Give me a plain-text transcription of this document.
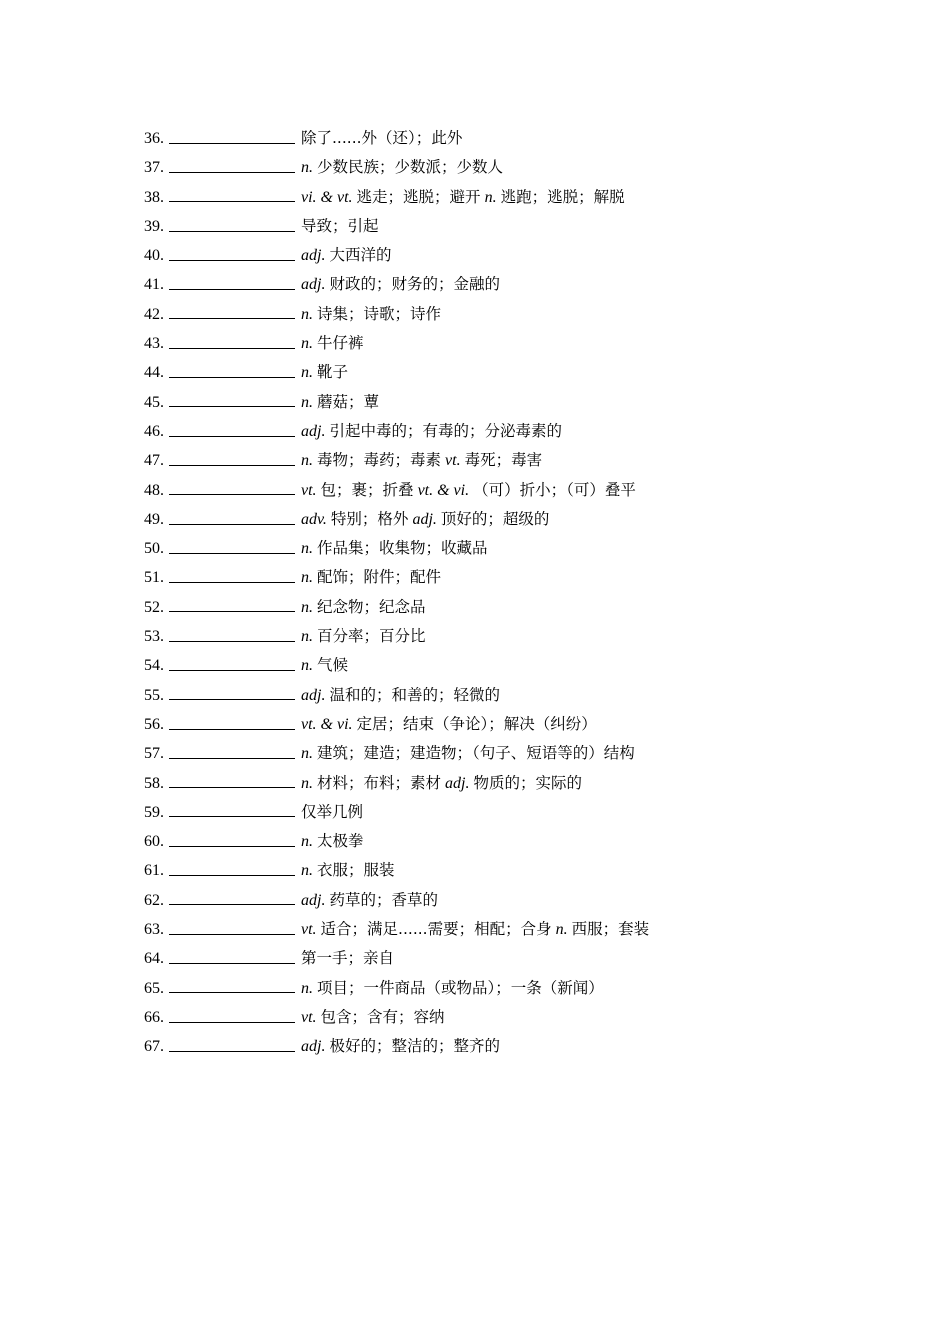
36.	除了......外（还）；此外
37.	n. 少数民族；少数派；少数人
38.	vi. & vt. 逃走；逃脱；避开 n. 逃跑；逃脱；解脱
39.	导致；引起
40.	adj. 大西洋的
41.	adj. 财政的；财务的；金融的
42.	n. 诗集；诗歌；诗作
43.	n. 牛仔裤
44.	n. 靴子
45.	n. 蘑菇；蕈
46.	adj. 引起中毒的；有毒的；分泌毒素的
47.	n. 毒物；毒药；毒素 vt. 毒死；毒害
48.	vt. 包；裹；折叠 vt. & vi. （可）折小；（可）叠平
49.	adv. 特别；格外 adj. 顶好的；超级的
50.	n. 作品集；收集物；收藏品
51.	n. 配饰；附件；配件
52.	n. 纪念物；纪念品
53.	n. 百分率；百分比
54.	n. 气候
55.	adj. 温和的；和善的；轻微的
56.	vt. & vi. 定居；结束（争论）；解决（纠纷）
57.	n. 建筑；建造；建造物；（句子、短语等的）结构
58.	n. 材料；布料；素材 adj. 物质的；实际的
59.	仅举几例
60.	n. 太极拳
61.	n. 衣服；服装
62.	adj. 药草的；香草的
63.	vt. 适合；满足......需要；相配；合身 n. 西服；套装
64.	第一手；亲自
65.	n. 项目；一件商品（或物品）；一条（新闻）
66.	vt. 包含；含有；容纳
67.	adj. 极好的；整洁的；整齐的
